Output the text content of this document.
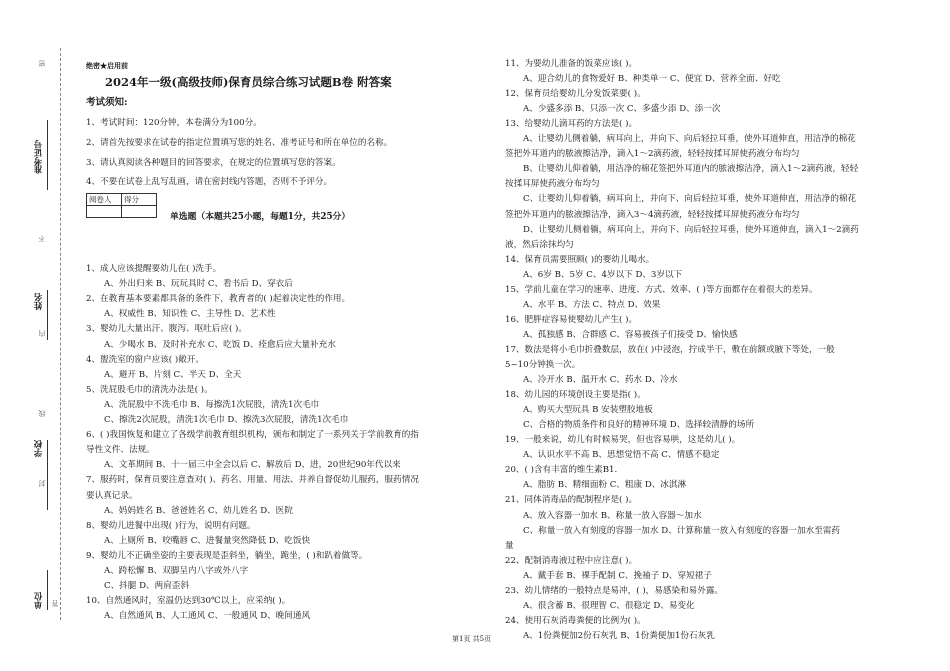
准考证号
姓名
学校
单位
密
不
内
线
封
答
绝密★启用前
2024年一级(高级技师)保育员综合练习试题B卷 附答案
考试须知:
1、考试时间：120分钟，本卷满分为100分。
2、请首先按要求在试卷的指定位置填写您的姓名、准考证号和所在单位的名称。
3、请认真阅读各种题目的回答要求，在规定的位置填写您的答案。
4、不要在试卷上乱写乱画，请在密封线内答题，否则不予评分。
阅卷人	得分

单选题（本题共25小题，每题1分，共25分）
1、成人应该提醒要幼儿在( )洗手。
A、外出归来 B、玩玩具时 C、看书后 D、穿衣后
2、在教育基本要素都具备的条件下，教育者的( )起着决定性的作用。
A、权威性 B、知识性 C、主导性 D、艺术性
3、婴幼儿大量出汗、腹泻、呕吐后应( )。
A、少喝水 B、及时补充水 C、吃饭 D、痊愈后应大量补充水
4、盥洗室的窗户应该( )敞开。
A、避开 B、片刻 C、半天 D、全天
5、洗屁股毛巾的清洗办法是( )。
A、洗屁股中不洗毛巾 B、每擦洗1次屁股，清洗1次毛巾
C、擦洗2次屁股，清洗1次毛巾 D、擦洗3次屁股，清洗1次毛巾
6、( )我国恢复和建立了各级学前教育组织机构，颁布和制定了一系列关于学前教育的指
导性文件、法规。
A、文革期间 B、十一届三中全会以后 C、解放后 D、进，20世纪90年代以来
7、服药时，保育员要注意查对( )、药名、用量、用法、并养自督促幼儿服药，服药情况
要认真记录。
A、妈妈姓名 B、爸爸姓名 C、幼儿姓名 D、医院
8、婴幼儿进餐中出现( )行为，说明有问题。
A、上厕所 B、咬嘴唇 C、进餐量突然降低 D、吃饭快
9、婴幼儿不正确坐姿的主要表现是歪斜坐，躺坐，跪坐，( )和趴着做等。
A、跨松懈 B、双脚呈内八字或外八字
C、抖腿 D、两肩歪斜
10、自然通风时，室温仍达到30℃以上，应采纳( )。
A、自然通风 B、人工通风 C、一般通风 D、晚间通风
11、为要幼儿准备的饭菜应该( )。
A、迎合幼儿的食物爱好 B、种类单一 C、便宜 D、营养全面、好吃
12、保育员给婴幼儿分发饭菜要( )。
A、少盛多添 B、只添一次 C、多盛少添 D、添一次
13、给婴幼儿滴耳药的方法是( )。
A、让婴幼儿侧着躺，病耳向上，并向下、向后轻拉耳垂，使外耳道伸直，用洁净的棉花
签把外耳道内的脓液擦洁净，滴入1～2滴药液，轻轻按揉耳屏使药液分布均匀
B、让婴幼儿仰着躺，用洁净的棉花签把外耳道内的脓液擦洁净，滴入1～2滴药液，轻轻
按揉耳屏使药液分布均匀
C、让婴幼儿仰着躺，病耳向上，并向下、向后轻拉耳垂，使外耳道伸直，用洁净的棉花
签把外耳道内的脓液擦洁净，滴入3～4滴药液，轻轻按揉耳屏使药液分布均匀
D、让婴幼儿侧着躺，病耳向上，并向下、向后轻拉耳垂，使外耳道伸直，滴入1～2滴药
液，然后涂抹均匀
14、保育员需要照顾( )的婴幼儿喝水。
A、6岁 B、5岁 C、4岁以下 D、3岁以下
15、学前儿童在学习的速率、进度、方式、效率、( )等方面都存在着很大的差异。
A、水平 B、方法 C、特点 D、效果
16、肥胖症容易使婴幼儿产生( )。
A、孤独感 B、合群感 C、容易被孩子们接受 D、愉快感
17、数法是将小毛巾折叠数层，放在( )中浸泡，拧成半干，敷在前额或腋下等处，一般
5~10分钟换一次。
A、冷开水 B、温开水 C、药水 D、冷水
18、幼儿园的环境创设主要是指( )。
A、购买大型玩具 B 安装塑胶地板
C、合格的物质条件和良好的精神环境 D、选择较清静的场所
19、一般来说，幼儿有时候易哭，但也容易哄，这是幼儿( )。
A、认识水平不高 B、思想觉悟不高 C、情感不稳定
20、( )含有丰富的维生素B1.
A、脂肪 B、精细面粉 C、粗康 D、冰淇淋
21、同体消毒品的配制程序是( )。
A、放入容器一加水 B、称量一放入容器～加水
C、称量一放入有刻度的容器一加水 D、计算称量一放入有刻度的容器一加水至需药
量
22、配制消毒液过程中应注意( )。
A、戴手套 B、裸手配制 C、挽袖子 D、穿短裙子
23、幼儿情绪的一般特点是易冲，( )，易感染和易外露。
A、很含蓄 B、很理智 C、很稳定 D、易变化
24、使用石灰消毒粪便的比例为( )。
A、1份粪便加2份石灰乳 B、1份粪便加1份石灰乳
第1页 共5页
